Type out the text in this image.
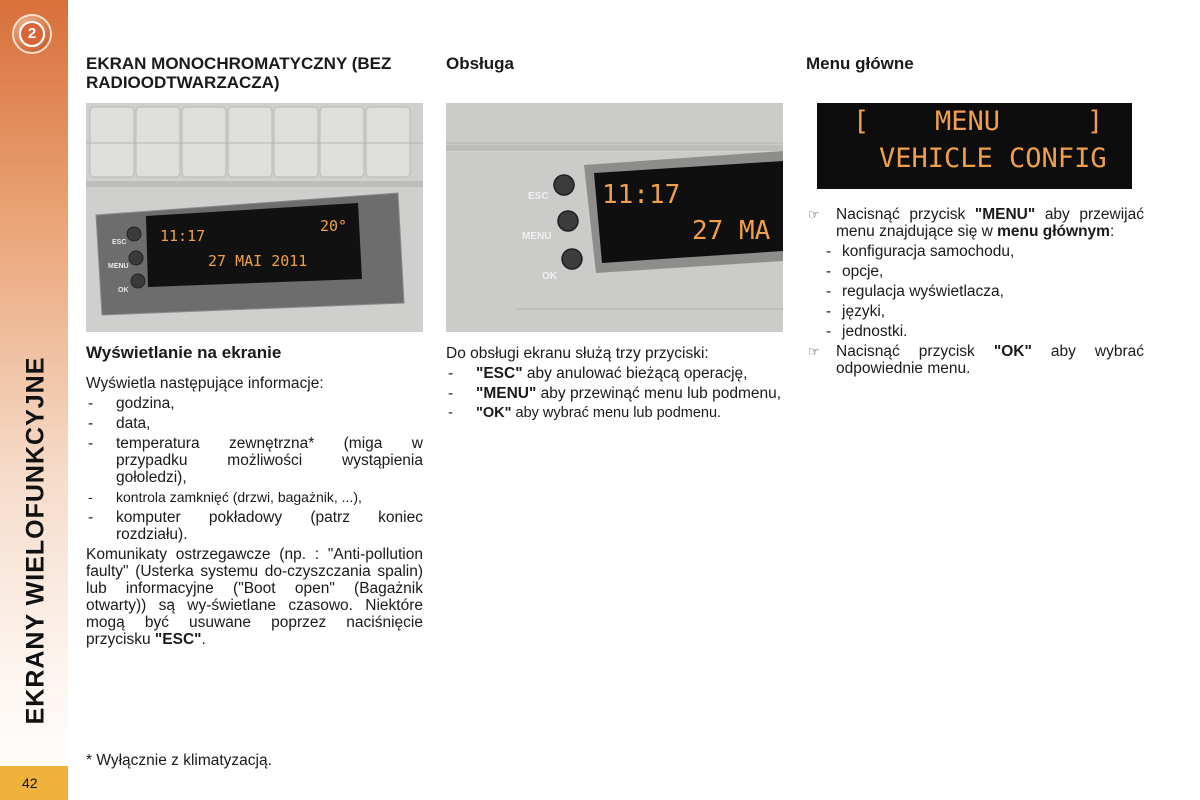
2
EKRANY WIELOFUNKCYJNE
42
EKRAN MONOCHROMATYCZNY (BEZ RADIOODTWARZACZA)
ESC
MENU
OK
11:17
20°
27 MAI 2011
Wyświetlanie na ekranie

Wyświetla następujące informacje:

- godzina,
- data,
- temperatura zewnętrzna* (miga w przypadku możliwości wystąpienia gołoledzi),
- kontrola zamknięć (drzwi, bagażnik, ...),
- komputer pokładowy (patrz koniec rozdziału).

Komunikaty ostrzegawcze (np. : "Anti-pollution faulty" (Usterka systemu do-czyszczania spalin) lub informacyjne ("Boot open" (Bagażnik otwarty)) są wy-świetlane czasowo. Niektóre mogą być usuwane poprzez naciśnięcie przycisku "ESC".

Obsługa
ESC
MENU
OK
11:17
27 MA

Do obsługi ekranu służą trzy przyciski:

- "ESC" aby anulować bieżącą operację,
- "MENU" aby przewinąć menu lub podmenu,
- "OK" aby wybrać menu lub podmenu.
Menu główne
[ MENU	]
VEHICLE CONFIG

☞ Nacisnąć przycisk "MENU" aby przewijać menu znajdujące się w menu głównym:

- konfiguracja samochodu,
- opcje,
- regulacja wyświetlacza,
- języki,
- jednostki.

☞ Nacisnąć przycisk "OK" aby wybrać odpowiednie menu.

* Wyłącznie z klimatyzacją.
